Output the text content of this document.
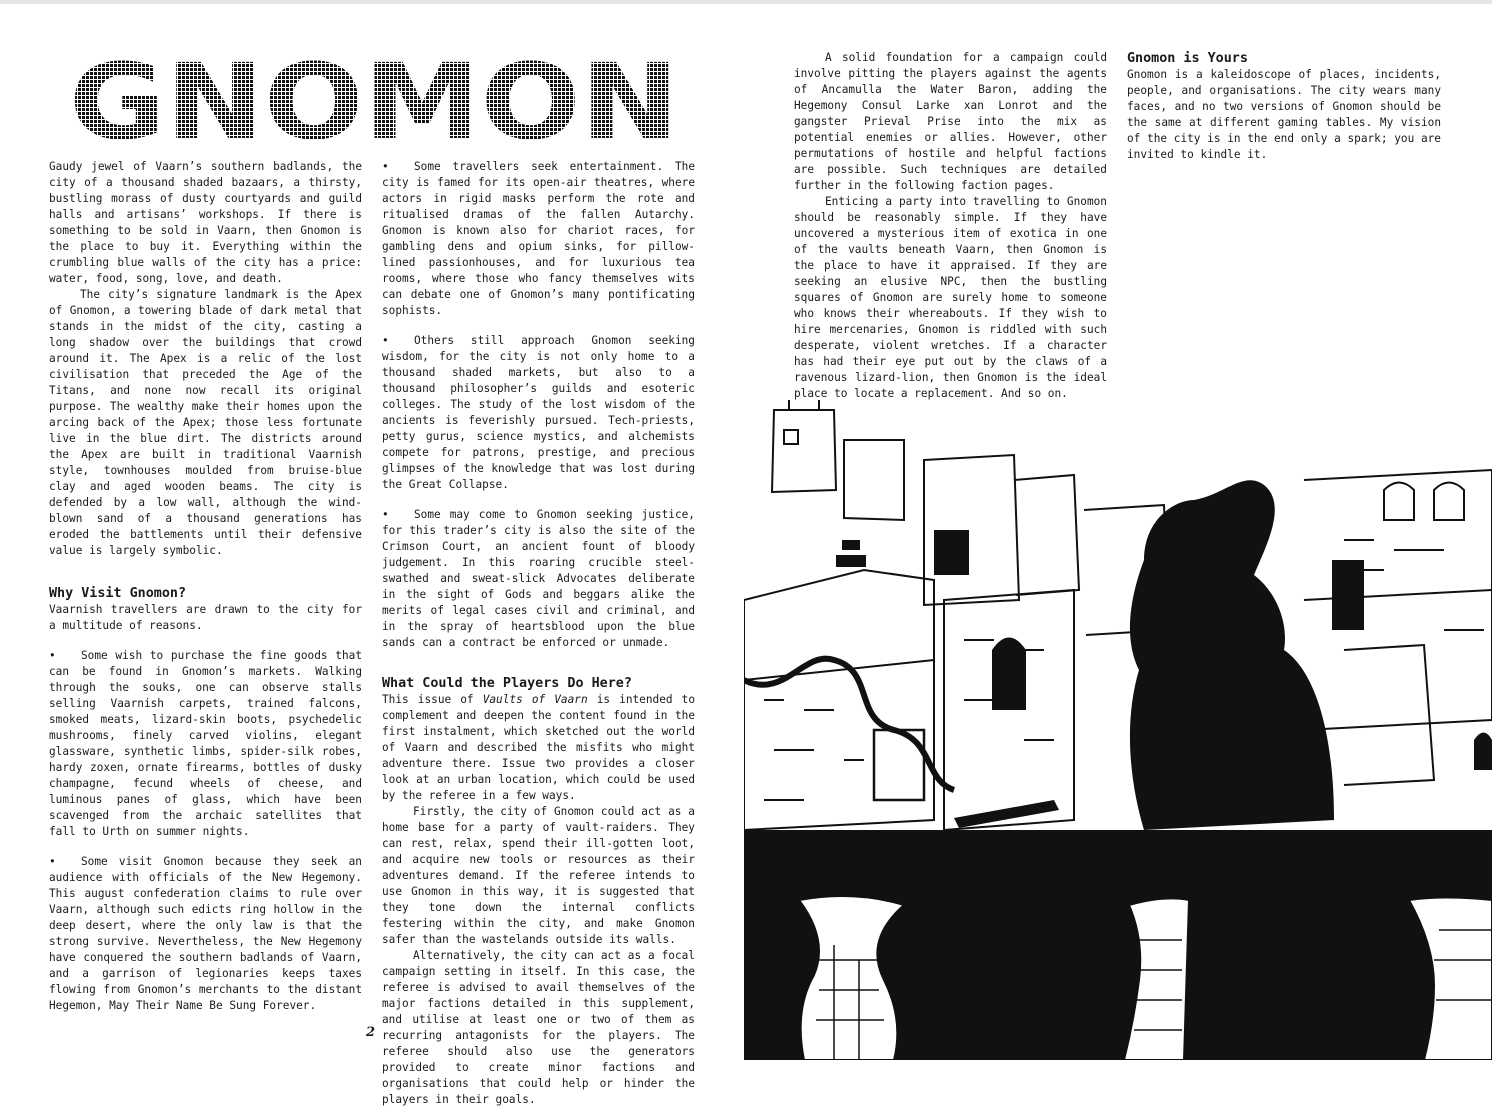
Gaudy jewel of Vaarn’s southern badlands, the city of a thousand shaded bazaars, a thirsty, bustling morass of dusty courtyards and guild halls and artisans’ workshops. If there is something to be sold in Vaarn, then Gnomon is the place to buy it. Everything within the crumbling blue walls of the city has a price: water, food, song, love, and death.

The city’s signature landmark is the Apex of Gnomon, a towering blade of dark metal that stands in the midst of the city, casting a long shadow over the buildings that crowd around it. The Apex is a relic of the lost civilisation that preceded the Age of the Titans, and none now recall its original purpose. The wealthy make their homes upon the arcing back of the Apex; those less fortunate live in the blue dirt. The districts around the Apex are built in traditional Vaarnish style, townhouses moulded from bruise-blue clay and aged wooden beams. The city is defended by a low wall, although the wind-blown sand of a thousand generations has eroded the battlements until their defensive value is largely symbolic.

Why Visit Gnomon?

Vaarnish travellers are drawn to the city for a multitude of reasons.

• Some wish to purchase the fine goods that can be found in Gnomon’s markets. Walking through the souks, one can observe stalls selling Vaarnish carpets, trained falcons, smoked meats, lizard-skin boots, psychedelic mushrooms, finely carved violins, elegant glassware, synthetic limbs, spider-silk robes, hardy zoxen, ornate firearms, bottles of dusky champagne, fecund wheels of cheese, and luminous panes of glass, which have been scavenged from the archaic satellites that fall to Urth on summer nights.

• Some visit Gnomon because they seek an audience with officials of the New Hegemony. This august confederation claims to rule over Vaarn, although such edicts ring hollow in the deep desert, where the only law is that the strong survive. Nevertheless, the New Hegemony have conquered the southern badlands of Vaarn, and a garrison of legionaries keeps taxes flowing from Gnomon’s merchants to the distant Hegemon, May Their Name Be Sung Forever.

• Some travellers seek entertainment. The city is famed for its open-air theatres, where actors in rigid masks perform the rote and ritualised dramas of the fallen Autarchy. Gnomon is known also for chariot races, for gambling dens and opium sinks, for pillow-lined passionhouses, and for luxurious tea rooms, where those who fancy themselves wits can debate one of Gnomon’s many pontificating sophists.

• Others still approach Gnomon seeking wisdom, for the city is not only home to a thousand shaded markets, but also to a thousand philosopher’s guilds and esoteric colleges. The study of the lost wisdom of the ancients is feverishly pursued. Tech-priests, petty gurus, science mystics, and alchemists compete for patrons, prestige, and precious glimpses of the knowledge that was lost during the Great Collapse.

• Some may come to Gnomon seeking justice, for this trader’s city is also the site of the Crimson Court, an ancient fount of bloody judgement. In this roaring crucible steel-swathed and sweat-slick Advocates deliberate in the sight of Gods and beggars alike the merits of legal cases civil and criminal, and in the spray of heartsblood upon the blue sands can a contract be enforced or unmade.

What Could the Players Do Here?

This issue of Vaults of Vaarn is intended to complement and deepen the content found in the first instalment, which sketched out the world of Vaarn and described the misfits who might adventure there. Issue two provides a closer look at an urban location, which could be used by the referee in a few ways.

Firstly, the city of Gnomon could act as a home base for a party of vault-raiders. They can rest, relax, spend their ill-gotten loot, and acquire new tools or resources as their adventures demand. If the referee intends to use Gnomon in this way, it is suggested that they tone down the internal conflicts festering within the city, and make Gnomon safer than the wastelands outside its walls.

Alternatively, the city can act as a focal campaign setting in itself. In this case, the referee is advised to avail themselves of the major factions detailed in this supplement, and utilise at least one or two of them as recurring antagonists for the players. The referee should also use the generators provided to create minor factions and organisations that could help or hinder the players in their goals.

A solid foundation for a campaign could involve pitting the players against the agents of Ancamulla the Water Baron, adding the Hegemony Consul Larke xan Lonrot and the gangster Prieval Prise into the mix as potential enemies or allies. However, other permutations of hostile and helpful factions are possible. Such techniques are detailed further in the following faction pages.

Enticing a party into travelling to Gnomon should be reasonably simple. If they have uncovered a mysterious item of exotica in one of the vaults beneath Vaarn, then Gnomon is the place to have it appraised. If they are seeking an elusive NPC, then the bustling squares of Gnomon are surely home to someone who knows their whereabouts. If they wish to hire mercenaries, Gnomon is riddled with such desperate, violent wretches. If a character has had their eye put out by the claws of a ravenous lizard-lion, then Gnomon is the ideal place to locate a replacement. And so on.

Gnomon is Yours

Gnomon is a kaleidoscope of places, incidents, people, and organisations. The city wears many faces, and no two versions of Gnomon should be the same at different gaming tables. My vision of the city is in the end only a spark; you are invited to kindle it.

2
